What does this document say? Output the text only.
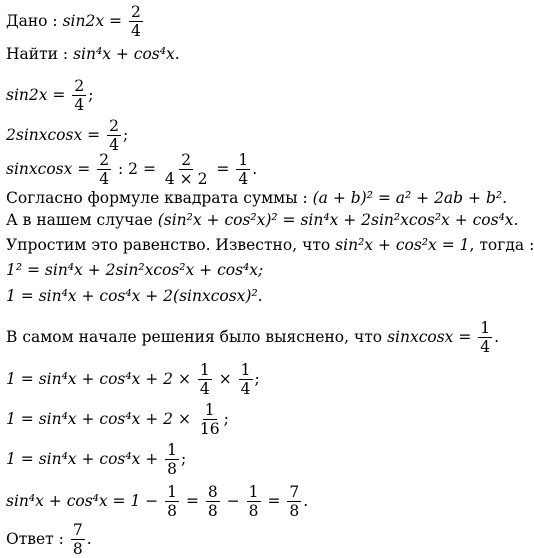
Дано : $\sin 2x = \frac{2}{4}$
Найти : sin⁴x + cos⁴x.
$\sin 2x = \frac{2}{4}$ ;
2sinxcosx = $\frac{2}{4}$ ;
sinxcosx = $\frac{2}{4}$ : $2 = \frac{2}{4 \times 2} = \frac{1}{4}$ .
Согласно формуле квадрата суммы : (a + b)² = a² + 2ab + b².
А в нашем случае (sin²x + cos²x)² = sin⁴x + 2sin²xcos²x + cos⁴x.
Упростим это равенство. Известно, что sin²x + cos²x = 1, тогда :
1² = sin⁴x + 2sin²xcos²x + cos⁴x;
1 = sin⁴x + cos⁴x + 2(sinxcosx)².
В самом начале решения было выяснено, что sinxcosx = $\frac{1}{4}$ .
$1 = \sin^4x + \cos^4x + 2 \times \frac{1}{4} \times \frac{1}{4}$ ;
$1 = \sin^4x + \cos^4x + 2 \times \frac{1}{16}$ ;
$1 = \sin^4x + \cos^4x + \frac{1}{8}$ ;
$\sin^4x + \cos^4x = 1 - \frac{1}{8} = \frac{8}{8} - \frac{1}{8} = \frac{7}{8}$ .
Ответ : $\frac{7}{8}$ .
